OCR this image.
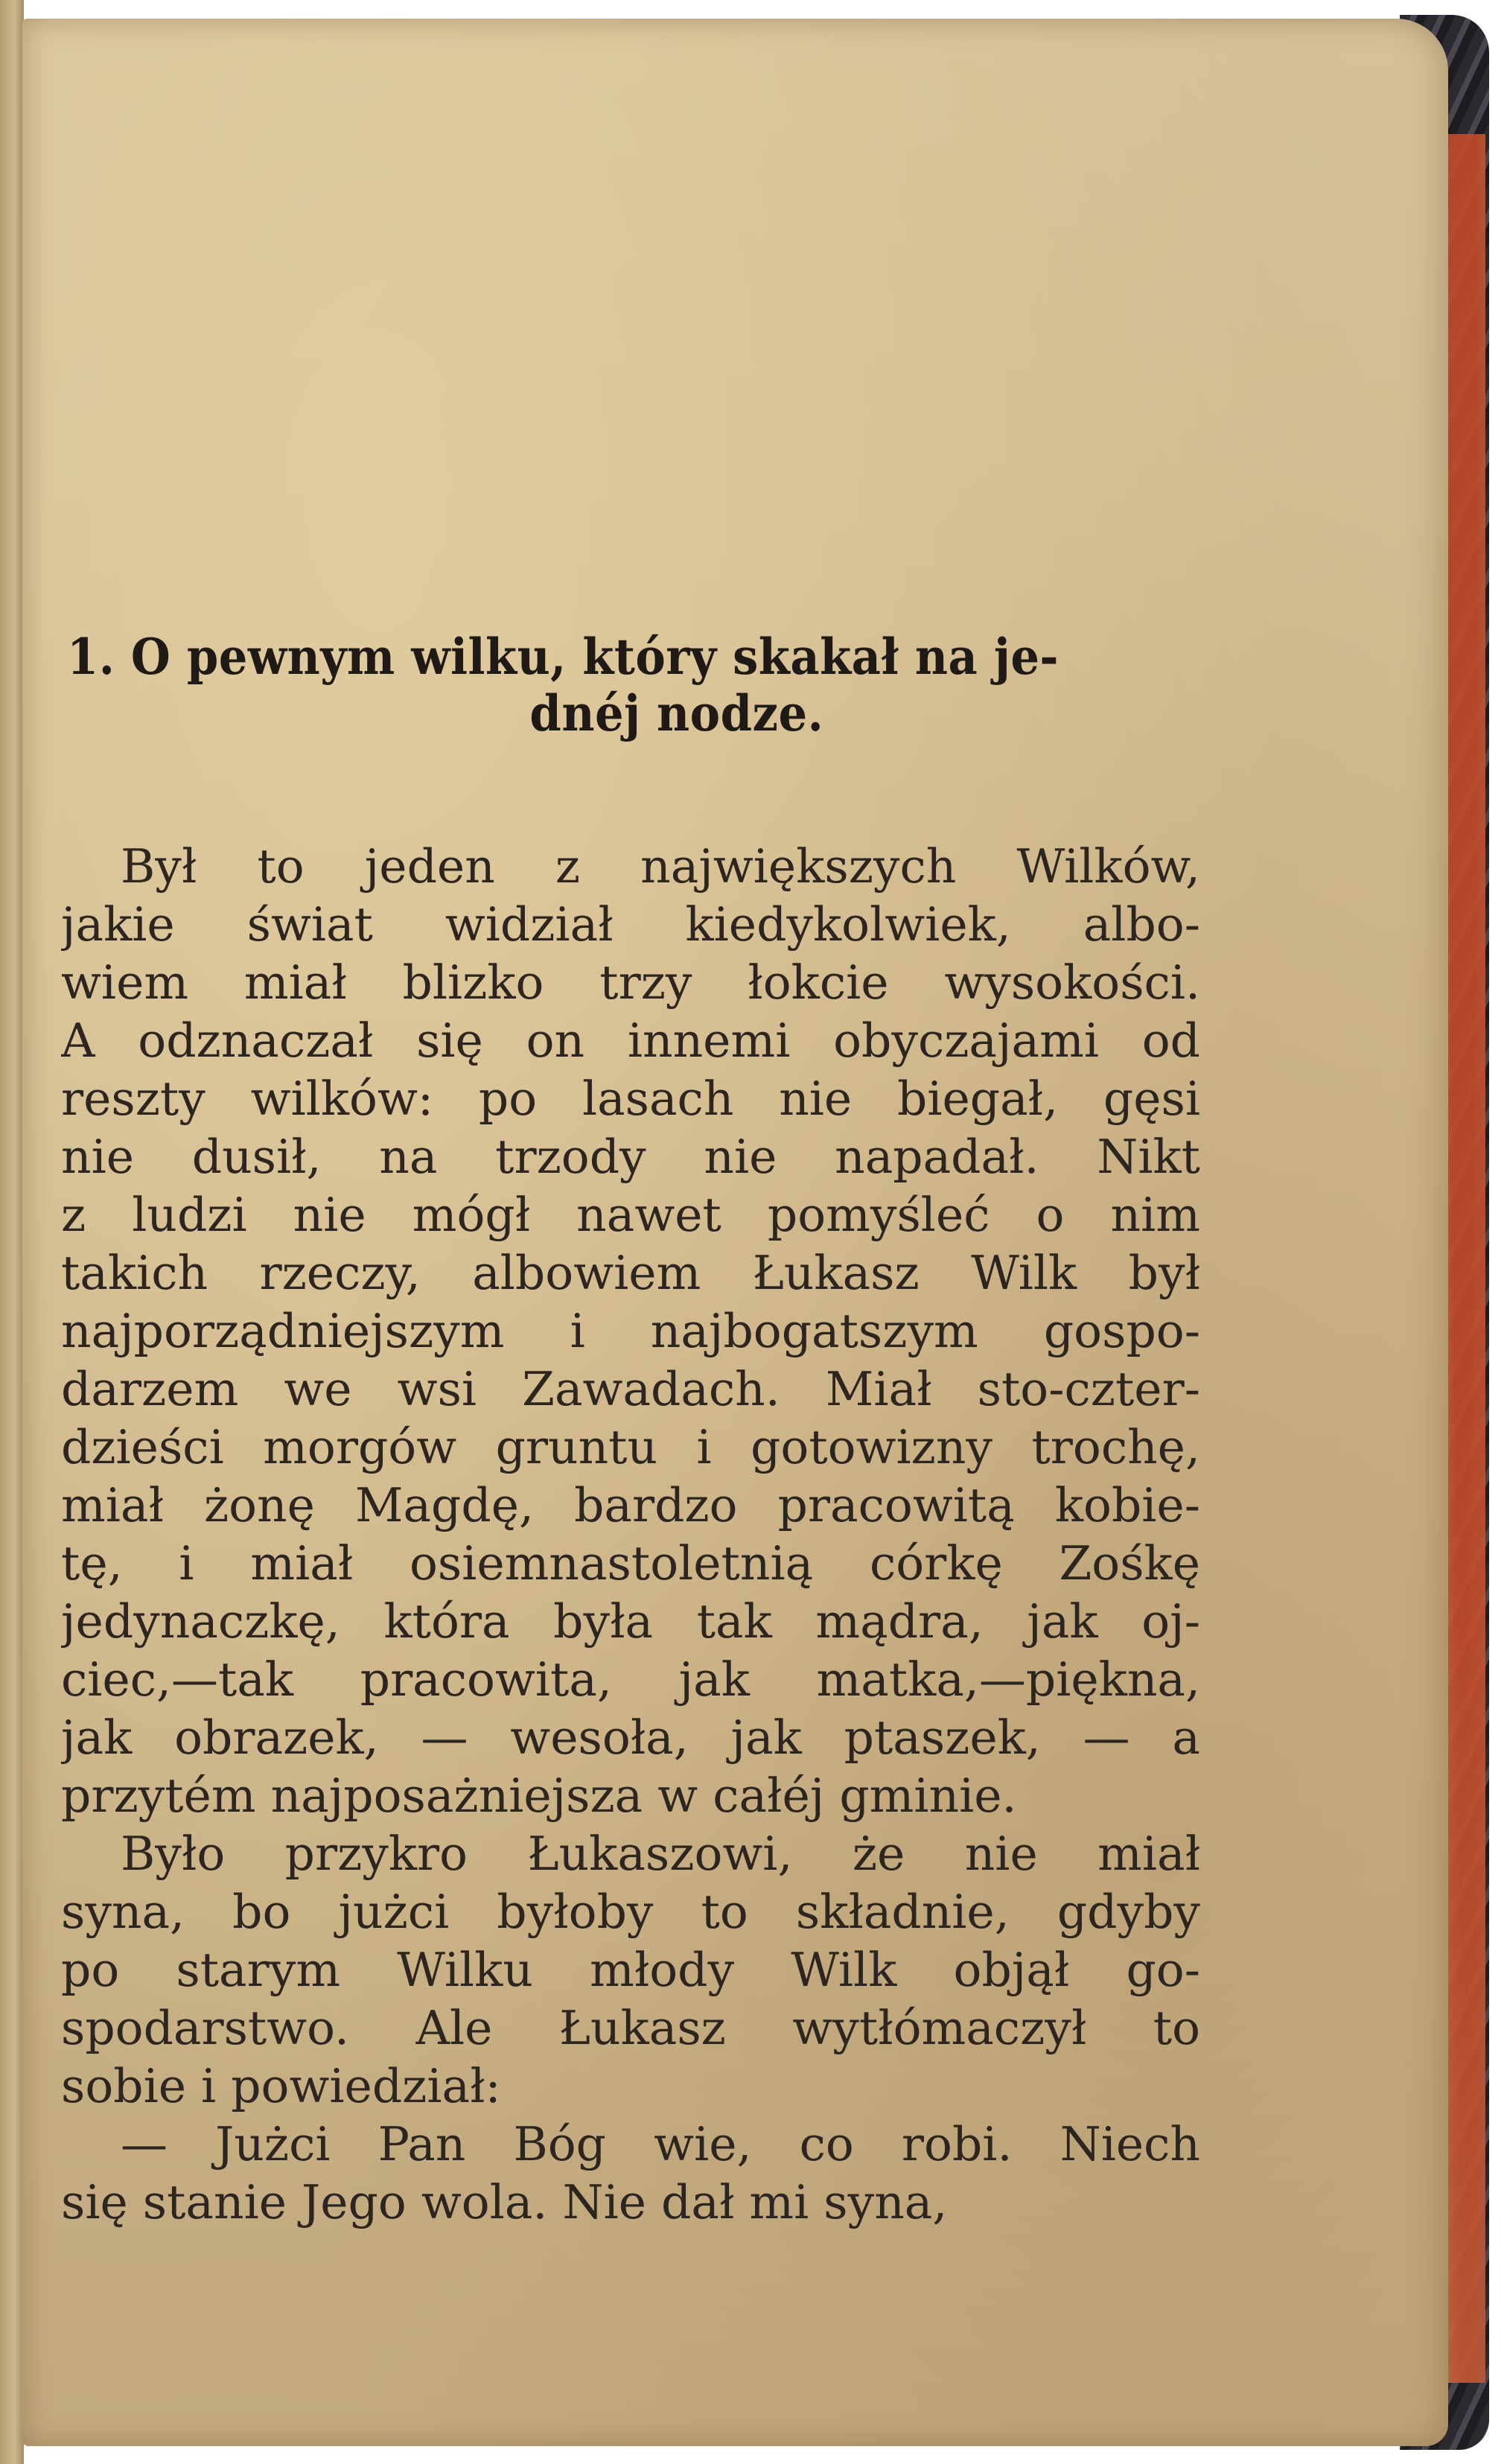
1. O pewnym wilku, który skakał na je-
dnéj nodze.
Był to jeden z największych Wilków,
jakie świat widział kiedykolwiek, albo-
wiem miał blizko trzy łokcie wysokości.
A odznaczał się on innemi obyczajami od
reszty wilków: po lasach nie biegał, gęsi
nie dusił, na trzody nie napadał. Nikt
z ludzi nie mógł nawet pomyśleć o nim
takich rzeczy, albowiem Łukasz Wilk był
najporządniejszym i najbogatszym gospo-
darzem we wsi Zawadach. Miał sto-czter-
dzieści morgów gruntu i gotowizny trochę,
miał żonę Magdę, bardzo pracowitą kobie-
tę, i miał osiemnastoletnią córkę Zośkę
jedynaczkę, która była tak mądra, jak oj-
ciec,—tak pracowita, jak matka,—piękna,
jak obrazek, — wesoła, jak ptaszek, — a
przytém najposażniejsza w całéj gminie.
Było przykro Łukaszowi, że nie miał
syna, bo jużci byłoby to składnie, gdyby
po starym Wilku młody Wilk objął go-
spodarstwo. Ale Łukasz wytłómaczył to
sobie i powiedział:
— Jużci Pan Bóg wie, co robi. Niech
się stanie Jego wola. Nie dał mi syna,
